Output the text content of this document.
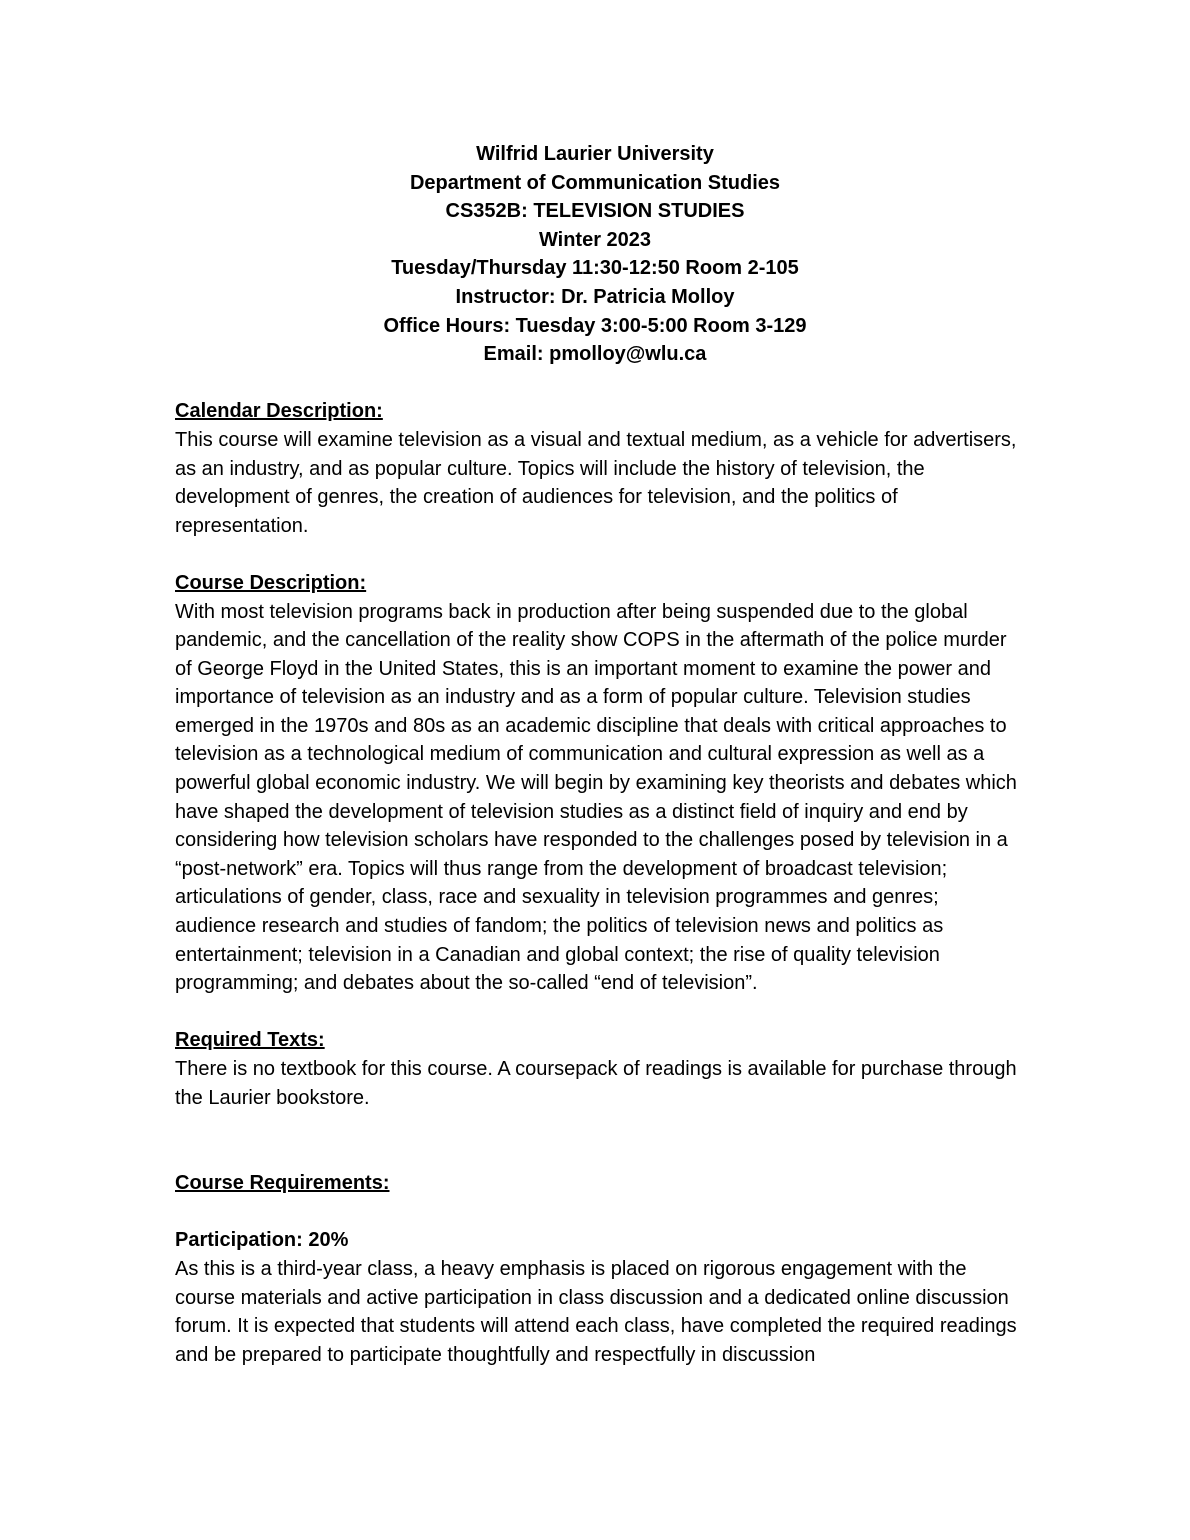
Wilfrid Laurier University
Department of Communication Studies
CS352B: TELEVISION STUDIES
Winter 2023
Tuesday/Thursday 11:30-12:50 Room 2-105
Instructor: Dr. Patricia Molloy
Office Hours: Tuesday 3:00-5:00 Room 3-129
Email: pmolloy@wlu.ca
Calendar Description:

This course will examine television as a visual and textual medium, as a vehicle for advertisers, as an industry, and as popular culture. Topics will include the history of television, the development of genres, the creation of audiences for television, and the politics of representation.

Course Description:

With most television programs back in production after being suspended due to the global pandemic, and the cancellation of the reality show COPS in the aftermath of the police murder of George Floyd in the United States, this is an important moment to examine the power and importance of television as an industry and as a form of popular culture. Television studies emerged in the 1970s and 80s as an academic discipline that deals with critical approaches to television as a technological medium of communication and cultural expression as well as a powerful global economic industry. We will begin by examining key theorists and debates which have shaped the development of television studies as a distinct field of inquiry and end by considering how television scholars have responded to the challenges posed by television in a “post-network” era. Topics will thus range from the development of broadcast television; articulations of gender, class, race and sexuality in television programmes and genres; audience research and studies of fandom; the politics of television news and politics as entertainment; television in a Canadian and global context; the rise of quality television programming; and debates about the so-called “end of television”.

Required Texts:

There is no textbook for this course. A coursepack of readings is available for purchase through the Laurier bookstore.

Course Requirements:
Participation: 20%

As this is a third-year class, a heavy emphasis is placed on rigorous engagement with the course materials and active participation in class discussion and a dedicated online discussion forum. It is expected that students will attend each class, have completed the required readings and be prepared to participate thoughtfully and respectfully in discussion
